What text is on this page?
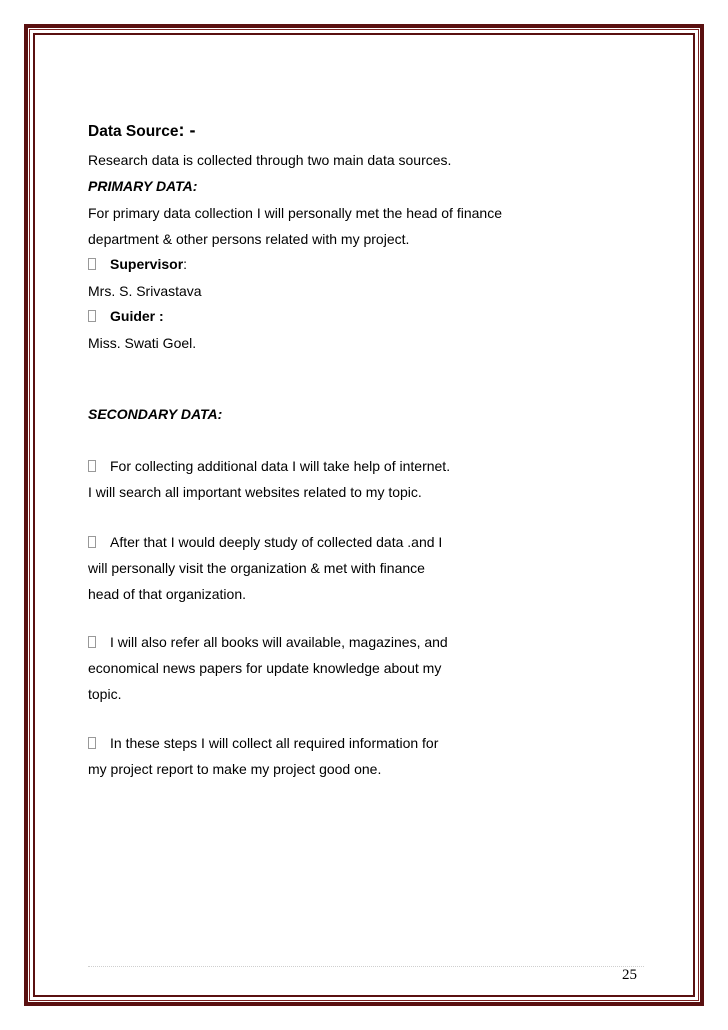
Data Source: -
Research data is collected through two main data sources.
PRIMARY DATA:
For primary data collection I will personally met the head of finance
department & other persons related with my project.
Supervisor:
Mrs. S. Srivastava
Guider :
Miss. Swati Goel.
SECONDARY DATA:
For collecting additional data I will take help of internet.
I will search all important websites related to my topic.
After that I would deeply study of collected data .and I
will personally visit the organization & met with finance
head of that organization.
I will also refer all books will available, magazines, and
economical news papers for update knowledge about my
topic.
In these steps I will collect all required information for
my project report to make my project good one.
25
